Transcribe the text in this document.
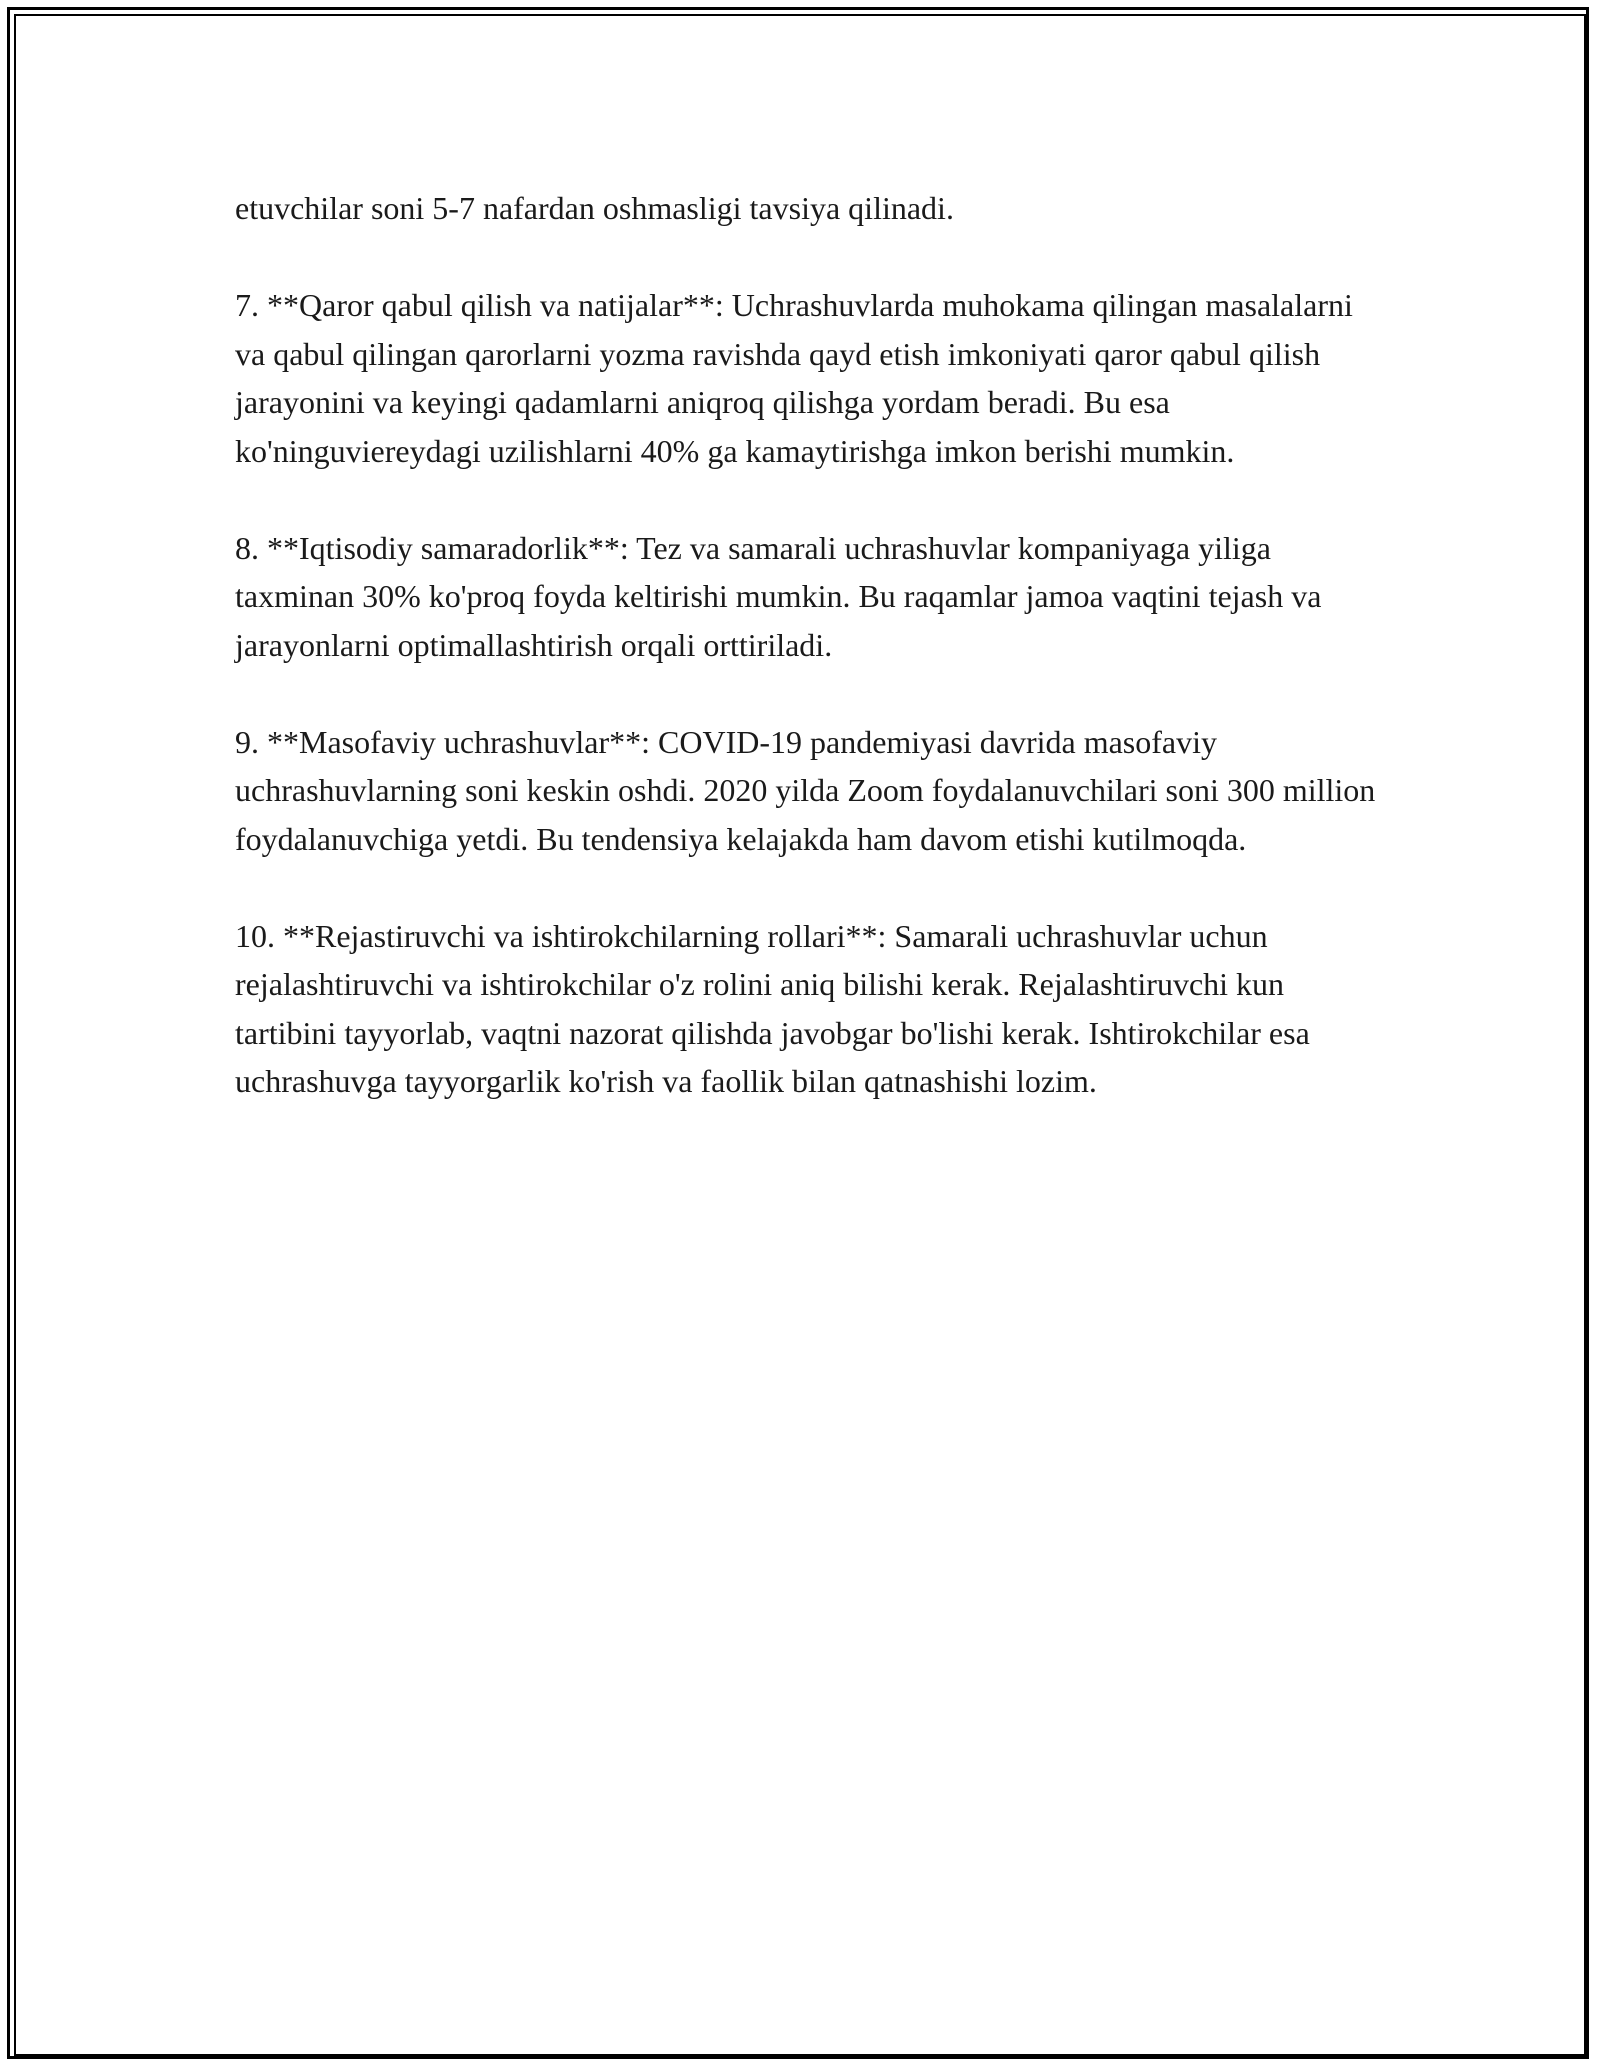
etuvchilar soni 5-7 nafardan oshmasligi tavsiya qilinadi.

7. **Qaror qabul qilish va natijalar**: Uchrashuvlarda muhokama qilingan masalalarni va qabul qilingan qarorlarni yozma ravishda qayd etish imkoniyati qaror qabul qilish jarayonini va keyingi qadamlarni aniqroq qilishga yordam beradi. Bu esa ko'ninguviereydagi uzilishlarni 40% ga kamaytirishga imkon berishi mumkin.

8. **Iqtisodiy samaradorlik**: Tez va samarali uchrashuvlar kompaniyaga yiliga taxminan 30% ko'proq foyda keltirishi mumkin. Bu raqamlar jamoa vaqtini tejash va jarayonlarni optimallashtirish orqali orttiriladi.

9. **Masofaviy uchrashuvlar**: COVID-19 pandemiyasi davrida masofaviy uchrashuvlarning soni keskin oshdi. 2020 yilda Zoom foydalanuvchilari soni 300 million foydalanuvchiga yetdi. Bu tendensiya kelajakda ham davom etishi kutilmoqda.

10. **Rejastiruvchi va ishtirokchilarning rollari**: Samarali uchrashuvlar uchun rejalashtiruvchi va ishtirokchilar o'z rolini aniq bilishi kerak. Rejalashtiruvchi kun tartibini tayyorlab, vaqtni nazorat qilishda javobgar bo'lishi kerak. Ishtirokchilar esa uchrashuvga tayyorgarlik ko'rish va faollik bilan qatnashishi lozim.
